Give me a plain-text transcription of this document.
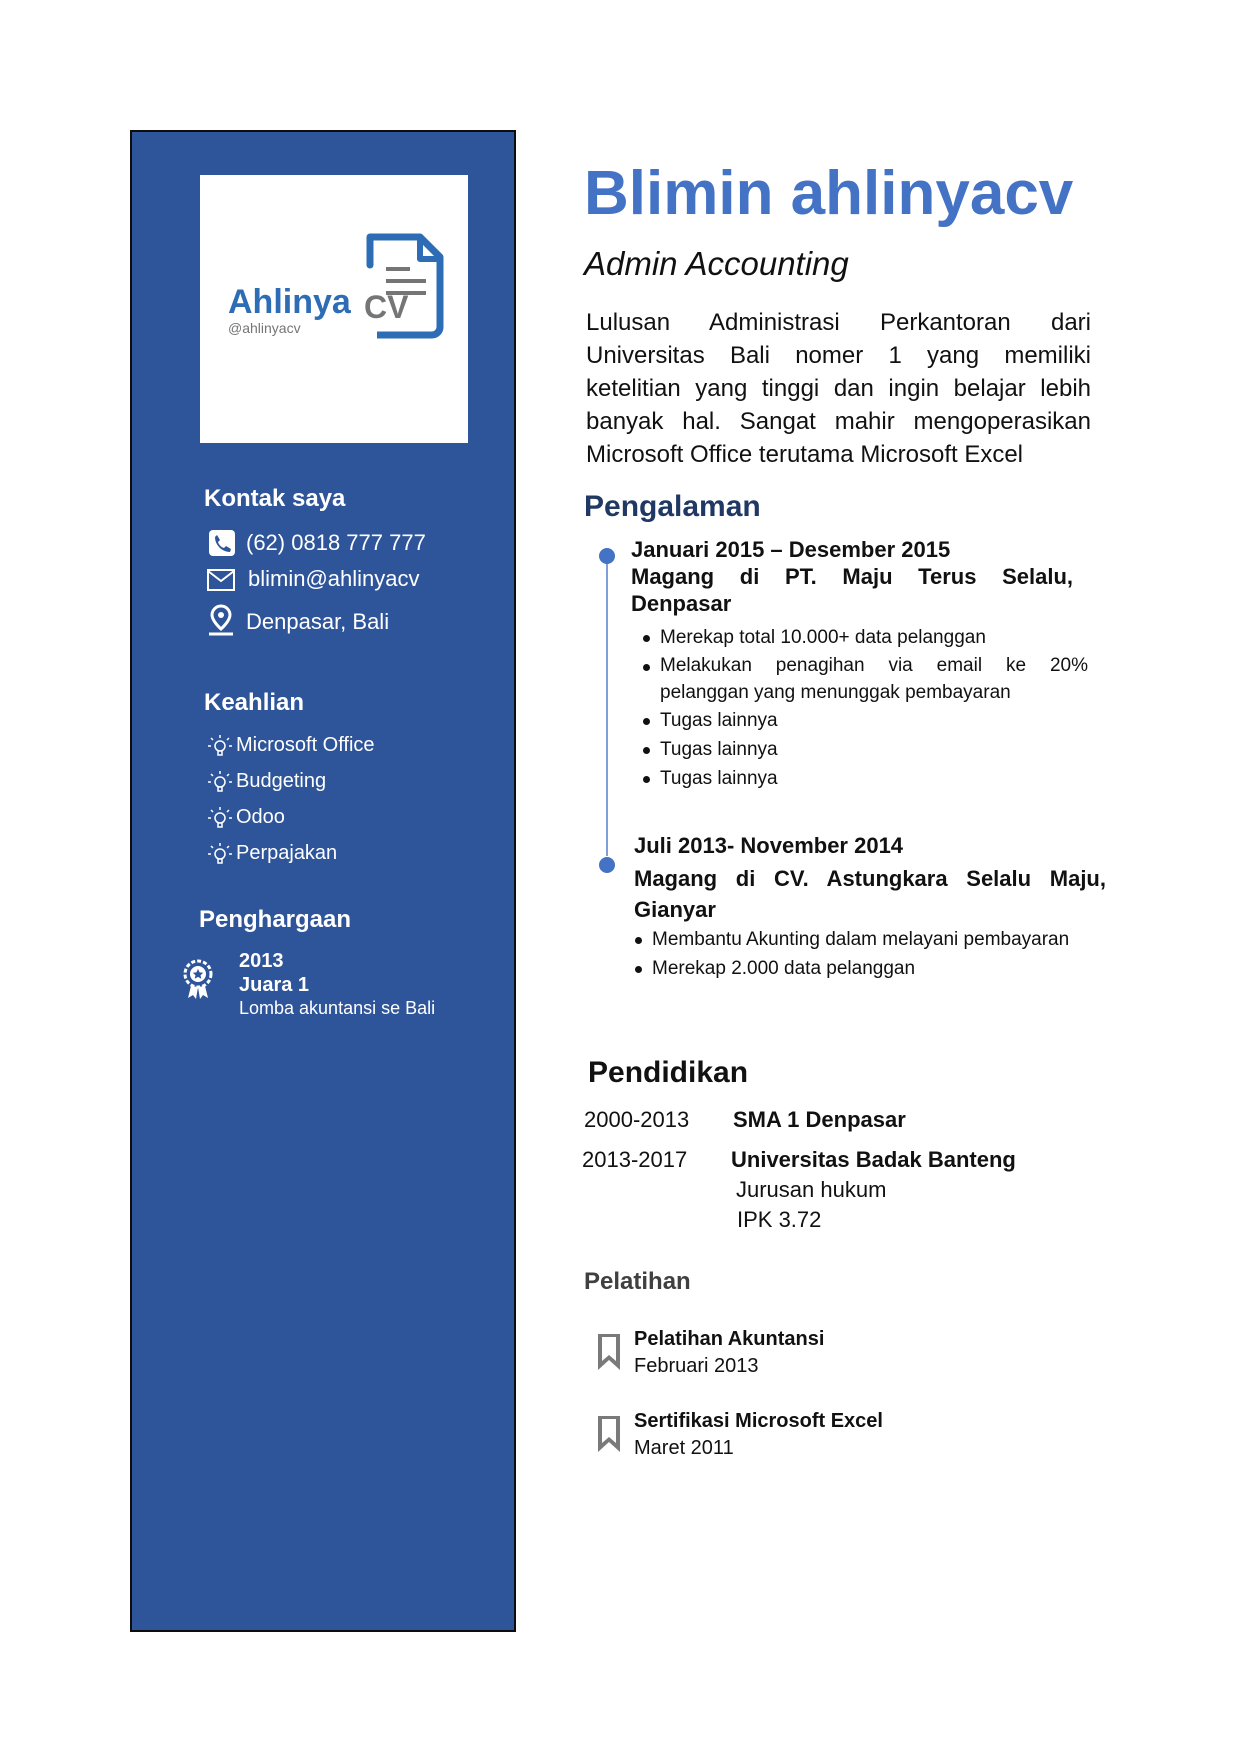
Ahlinya CV
@ahlinyacv
Kontak saya
(62) 0818 777 777
blimin@ahlinyacv
Denpasar, Bali
Keahlian
Microsoft Office
Budgeting
Odoo
Perpajakan
Penghargaan
2013
Juara 1
Lomba akuntansi se Bali
Blimin ahlinyacv
Admin Accounting

Lulusan Administrasi Perkantoran dari Universitas Bali nomer 1 yang memiliki ketelitian yang tinggi dan ingin belajar lebih banyak hal. Sangat mahir mengoperasikan Microsoft Office terutama Microsoft Excel

Pengalaman
Januari 2015 – Desember 2015

Magang di PT. Maju Terus Selalu, Denpasar

Merekap total 10.000+ data pelanggan
Melakukan penagihan via email ke 20% pelanggan yang menunggak pembayaran
Tugas lainnya
Tugas lainnya
Tugas lainnya
Juli 2013- November 2014

Magang di CV. Astungkara Selalu Maju, Gianyar

Membantu Akunting dalam melayani pembayaran
Merekap 2.000 data pelanggan
Pendidikan
2000-2013 SMA 1 Denpasar
2013-2017 Universitas Badak Banteng
Jurusan hukum
IPK 3.72
Pelatihan
Pelatihan Akuntansi
Februari 2013
Sertifikasi Microsoft Excel
Maret 2011
